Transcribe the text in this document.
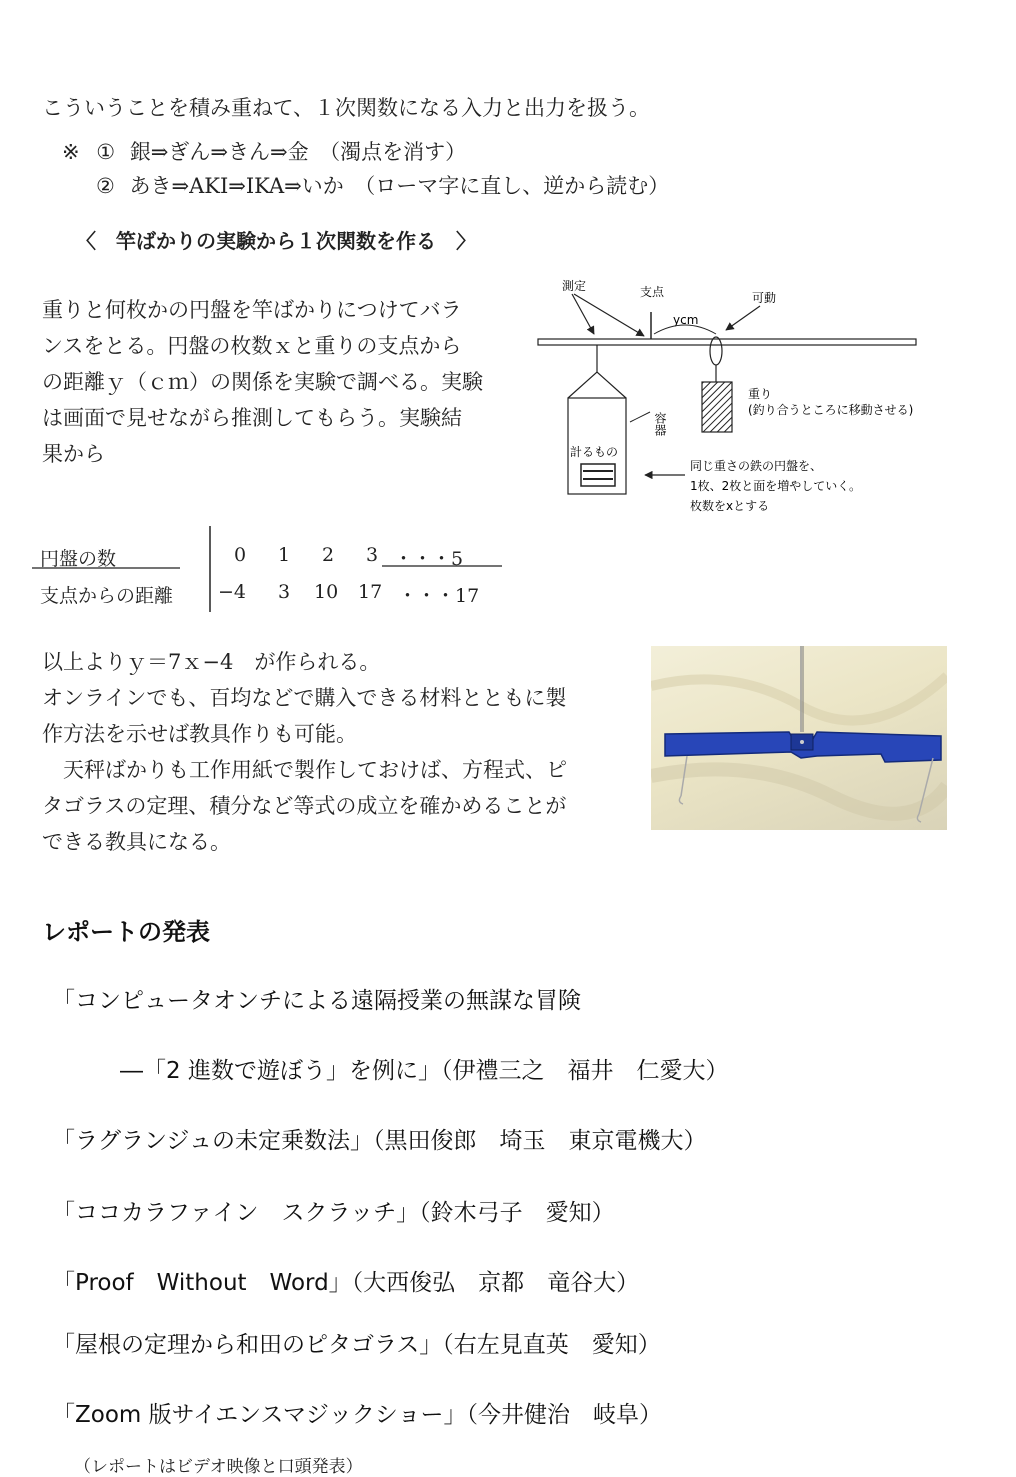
こういうことを積み重ねて、１次関数になる入力と出力を扱う。
※ ① 銀⇒ぎん⇒きん⇒金　（濁点を消す）
② あき⇒AKI⇒IKA⇒いか　（ローマ字に直し、逆から読む）
〈　竿ばかりの実験から１次関数を作る　〉
重りと何枚かの円盤を竿ばかりにつけてバラ
ンスをとる。円盤の枚数ｘと重りの支点から
の距離ｙ（ｃｍ）の関係を実験で調べる。実験
は画面で見せながら推測してもらう。実験結
果から
測定	支点	可動
ycm
重り
(釣り合うところに移動させる)
計るもの
容器
同じ重さの鉄の円盤を、
1枚、2枚と面を増やしていく。
枚数をxとする
円盤の数
支点からの距離
0 1 2 3 ・・・5
−4 3 10 17 ・・・17
以上よりｙ＝7ｘ−4　が作られる。
オンラインでも、百均などで購入できる材料とともに製
作方法を示せば教具作りも可能。
　天秤ばかりも工作用紙で製作しておけば、方程式、ピ
タゴラスの定理、積分など等式の成立を確かめることが
できる教具になる。
レポートの発表
「コンピュータオンチによる遠隔授業の無謀な冒険
―「2 進数で遊ぼう」を例に」（伊禮三之　福井　仁愛大）
「ラグランジュの未定乗数法」（黒田俊郎　埼玉　東京電機大）
「ココカラファイン　スクラッチ」（鈴木弓子　愛知）
「Proof　Without　Word」（大西俊弘　京都　竜谷大）
「屋根の定理から和田のピタゴラス」（右左見直英　愛知）
「Zoom 版サイエンスマジックショー」（今井健治　岐阜）
（レポートはビデオ映像と口頭発表）
